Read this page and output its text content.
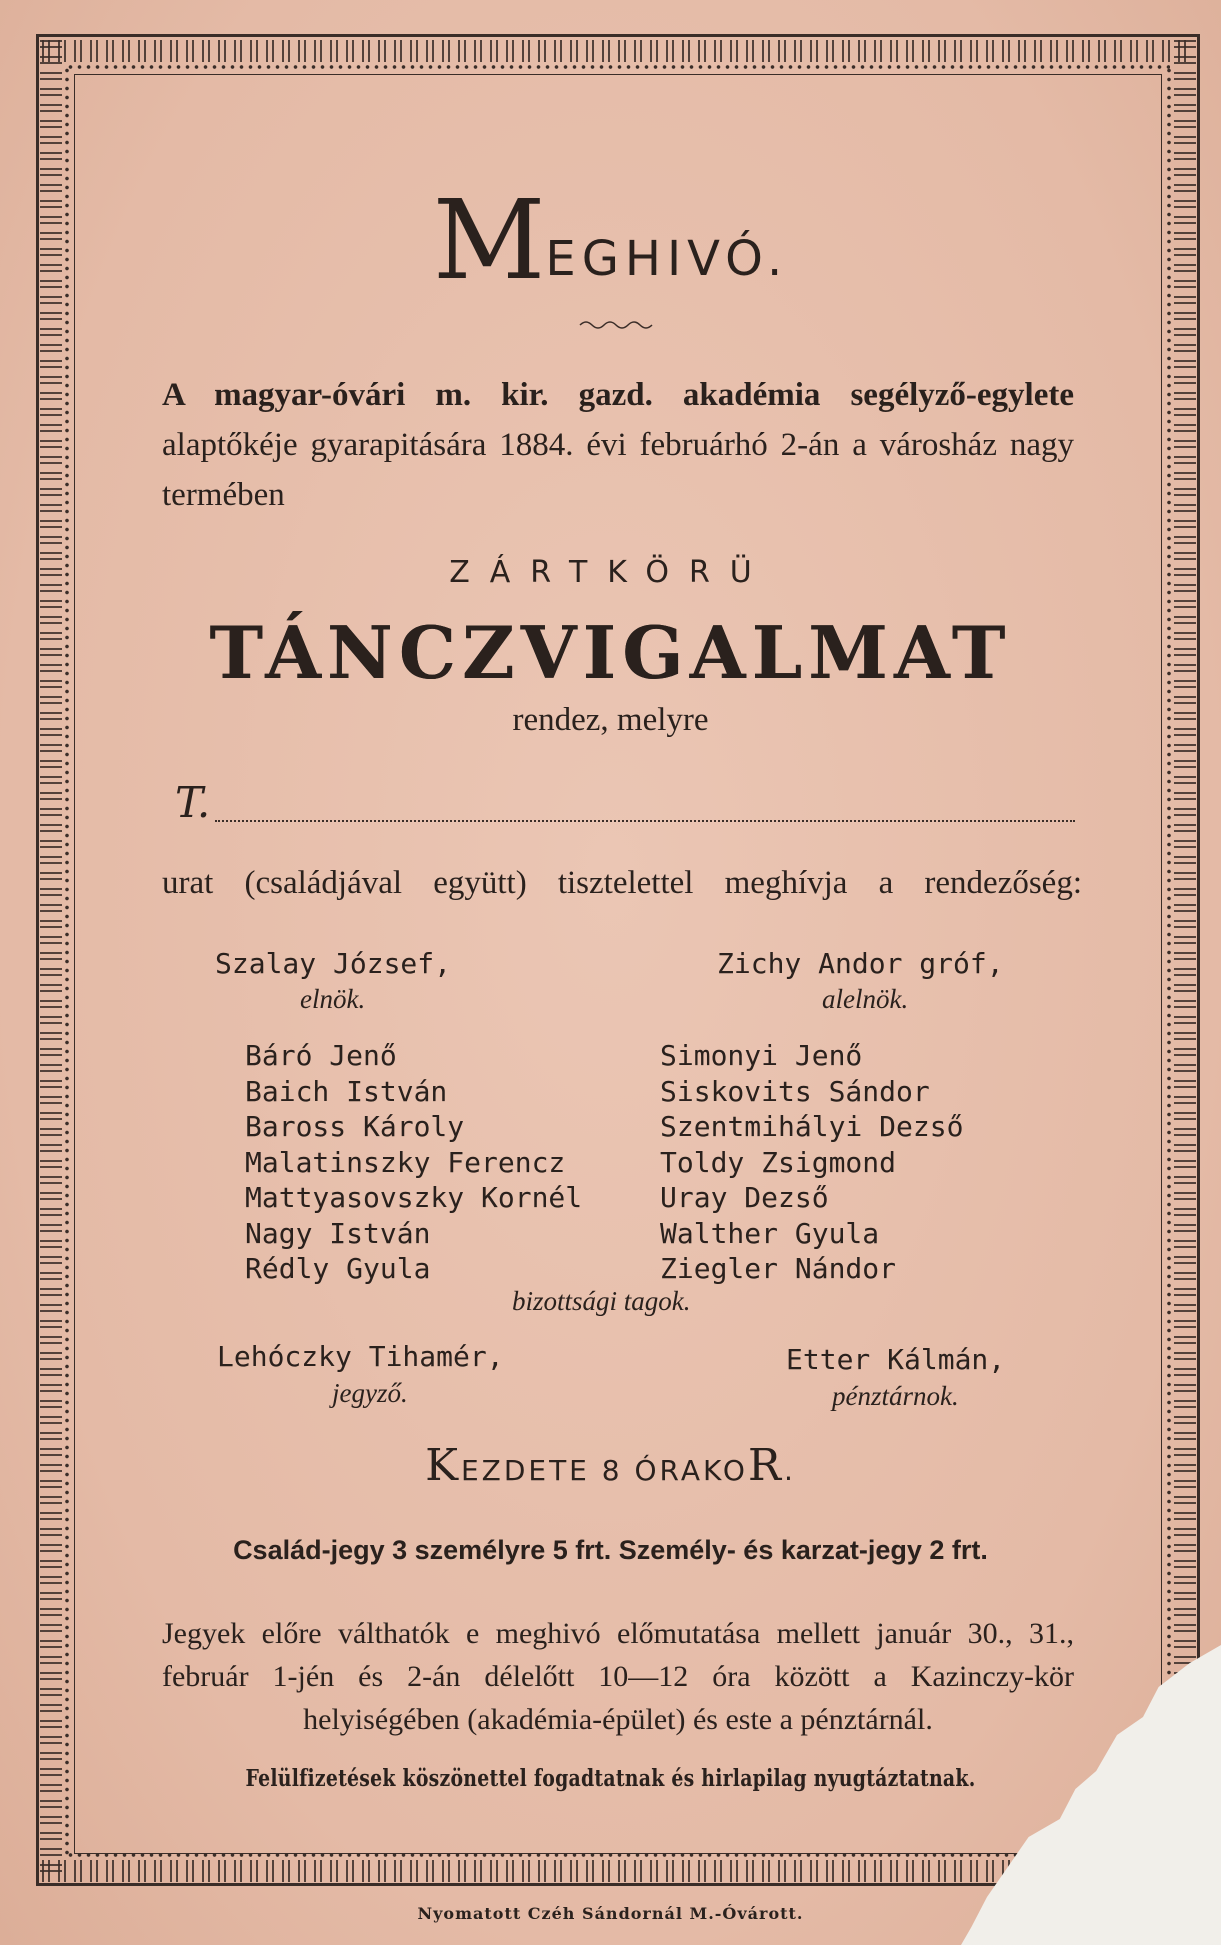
MEGHIVÓ.
A magyar-óvári m. kir. gazd. akadémia segélyző-egylete alaptőkéje gyarapitására 1884. évi februárhó 2-án a városház nagy termében
ZÁRTKÖRÜ
TÁNCZVIGALMAT
rendez, melyre
T.
urat (családjával együtt) tisztelettel meghívja a rendezőség:
Szalay József,
elnök.
Zichy Andor gróf,
alelnök.
Báró Jenő
Baich István
Baross Károly
Malatinszky Ferencz
Mattyasovszky Kornél
Nagy István
Rédly Gyula
Simonyi Jenő
Siskovits Sándor
Szentmihályi Dezső
Toldy Zsigmond
Uray Dezső
Walther Gyula
Ziegler Nándor
bizottsági tagok.
Lehóczky Tihamér,
jegyző.
Etter Kálmán,
pénztárnok.
KEZDETE 8 ÓRAKOR.
Család-jegy 3 személyre 5 frt. Személy- és karzat-jegy 2 frt.
Jegyek előre válthatók e meghivó előmutatása mellett január 30., 31., február 1-jén és 2-án délelőtt 10—12 óra között a Kazinczy-kör helyiségében (akadémia-épület) és este a pénztárnál.
Felülfizetések köszönettel fogadtatnak és hirlapilag nyugtáztatnak.
Nyomatott Czéh Sándornál M.-Óvárott.
